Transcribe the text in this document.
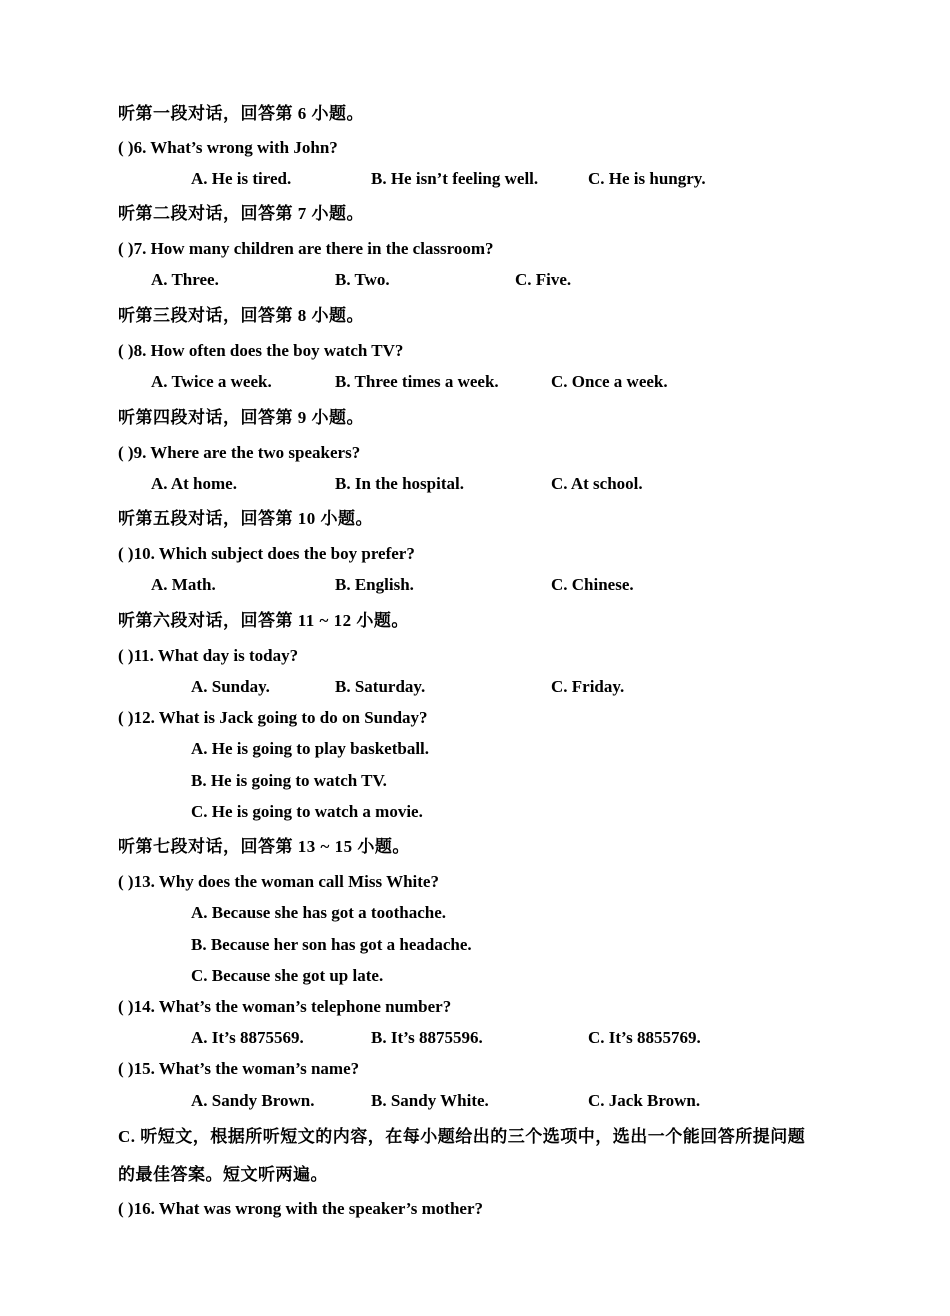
听第一段对话，回答第 6 小题。
( )6. What’s wrong with John?
A. He is tired.	B. He isn’t feeling well.	C. He is hungry.
听第二段对话，回答第 7 小题。
( )7. How many children are there in the classroom?
A. Three.	B. Two.	C. Five.
听第三段对话，回答第 8 小题。
( )8. How often does the boy watch TV?
A. Twice a week.	B. Three times a week.	C. Once a week.
听第四段对话，回答第 9 小题。
( )9. Where are the two speakers?
A. At home.	B. In the hospital.	C. At school.
听第五段对话，回答第 10 小题。
( )10. Which subject does the boy prefer?
A. Math.	B. English.	C. Chinese.
听第六段对话，回答第 11 ~ 12 小题。
( )11. What day is today?
A. Sunday.	B. Saturday.	C. Friday.
( )12. What is Jack going to do on Sunday?
A. He is going to play basketball.
B. He is going to watch TV.
C. He is going to watch a movie.
听第七段对话，回答第 13 ~ 15 小题。
( )13. Why does the woman call Miss White?
A. Because she has got a toothache.
B. Because her son has got a headache.
C. Because she got up late.
( )14. What’s the woman’s telephone number?
A. It’s 8875569.	B. It’s 8875596.	C. It’s 8855769.
( )15. What’s the woman’s name?
A. Sandy Brown.	B. Sandy White.	C. Jack Brown.
C. 听短文，根据所听短文的内容，在每小题给出的三个选项中，选出一个能回答所提问题
的最佳答案。短文听两遍。
( )16. What was wrong with the speaker’s mother?
